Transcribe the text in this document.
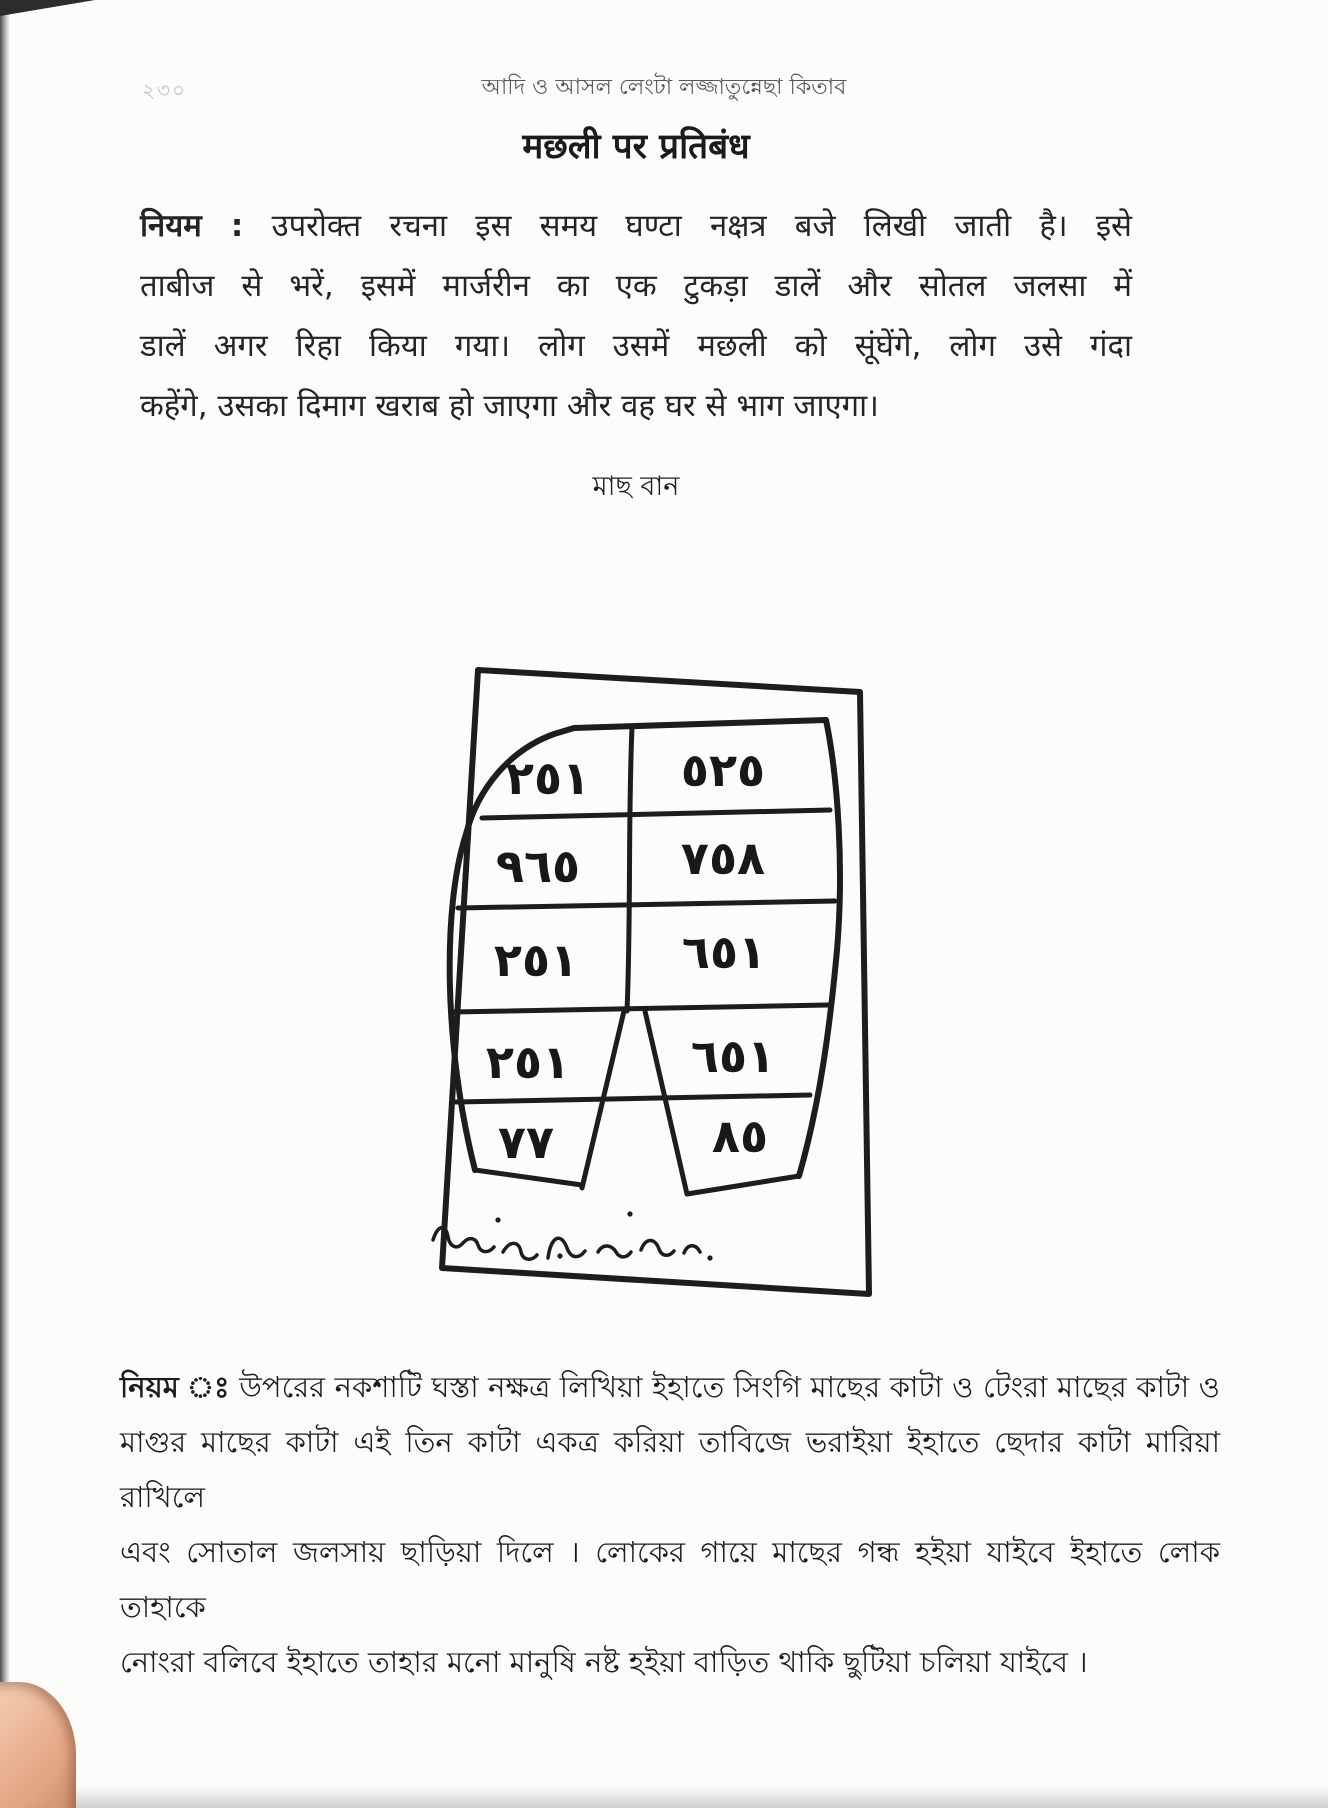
২৩০	আদি ও আসল লেংটা লজ্জাতুন্নেছা কিতাব
मछली पर प्रतिबंध
नियम : उपरोक्त रचना इस समय घण्टा नक्षत्र बजे लिखी जाती है। इसे
ताबीज से भरें, इसमें मार्जरीन का एक टुकड़ा डालें और सोतल जलसा में
डालें अगर रिहा किया गया। लोग उसमें मछली को सूंघेंगे, लोग उसे गंदा
कहेंगे, उसका दिमाग खराब हो जाएगा और वह घर से भाग जाएगा।
মাছ বান
٢٥١ ٥٢٥
٩٦٥ ٧٥٨
٢٥١ ٦٥١
٢٥١	٦٥١
٧٧	٨٥
নিয়ম ঃ উপরের নকশাটি ঘস্তা নক্ষত্র লিখিয়া ইহাতে সিংগি মাছের কাটা ও টেংরা মাছের কাটা ও
মাগুর মাছের কাটা এই তিন কাটা একত্র করিয়া তাবিজে ভরাইয়া ইহাতে ছেদার কাটা মারিয়া রাখিলে
এবং সোতাল জলসায় ছাড়িয়া দিলে । লোকের গায়ে মাছের গন্ধ হইয়া যাইবে ইহাতে লোক তাহাকে
নোংরা বলিবে ইহাতে তাহার মনো মানুষি নষ্ট হইয়া বাড়িত থাকি ছুটিয়া চলিয়া যাইবে ।
